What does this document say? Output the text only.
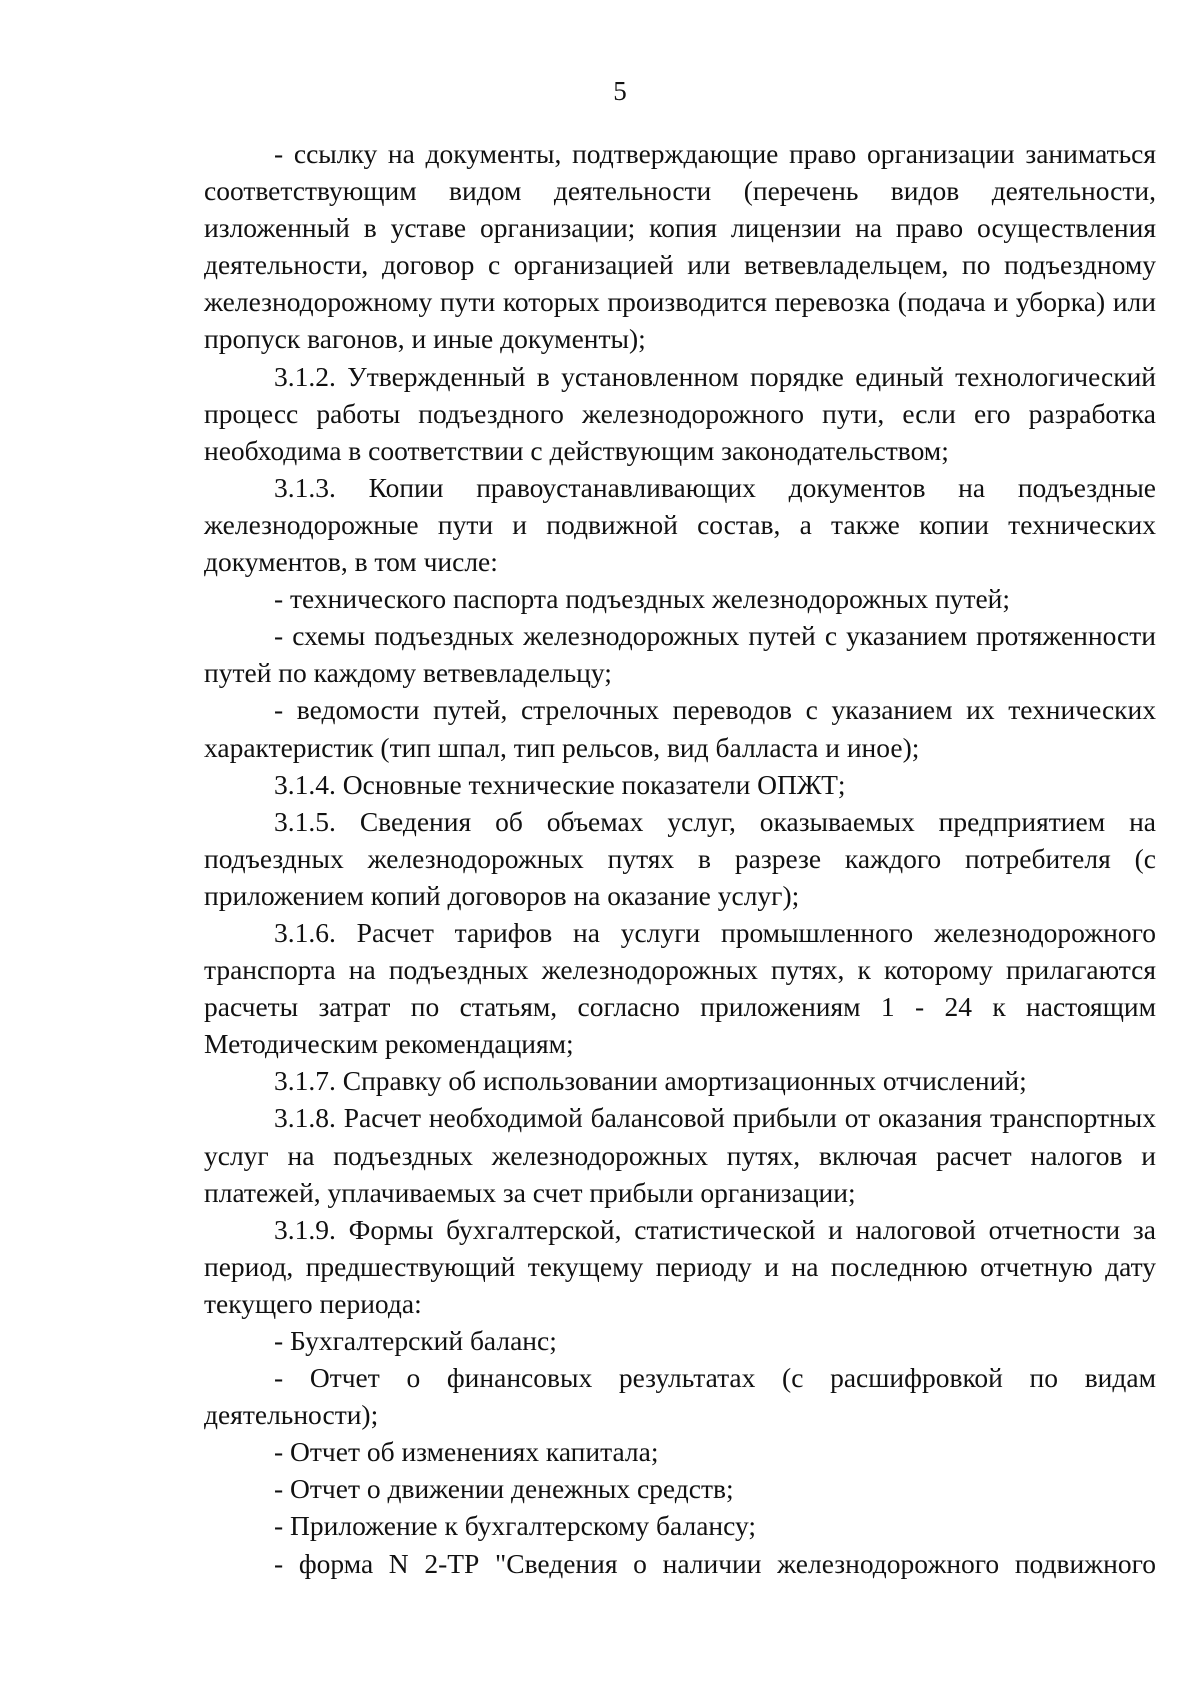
5

- ссылку на документы, подтверждающие право организации заниматься соответствующим видом деятельности (перечень видов деятельности, изложенный в уставе организации; копия лицензии на право осуществления деятельности, договор с организацией или ветвевладельцем, по подъездному железнодорожному пути которых производится перевозка (подача и уборка) или пропуск вагонов, и иные документы);

3.1.2. Утвержденный в установленном порядке единый технологический процесс работы подъездного железнодорожного пути, если его разработка необходима в соответствии с действующим законодательством;

3.1.3. Копии правоустанавливающих документов на подъездные железнодорожные пути и подвижной состав, а также копии технических документов, в том числе:

- технического паспорта подъездных железнодорожных путей;

- схемы подъездных железнодорожных путей с указанием протяженности путей по каждому ветвевладельцу;

- ведомости путей, стрелочных переводов с указанием их технических характеристик (тип шпал, тип рельсов, вид балласта и иное);

3.1.4. Основные технические показатели ОПЖТ;

3.1.5. Сведения об объемах услуг, оказываемых предприятием на подъездных железнодорожных путях в разрезе каждого потребителя (с приложением копий договоров на оказание услуг);

3.1.6. Расчет тарифов на услуги промышленного железнодорожного транспорта на подъездных железнодорожных путях, к которому прилагаются расчеты затрат по статьям, согласно приложениям 1 - 24 к настоящим Методическим рекомендациям;

3.1.7. Справку об использовании амортизационных отчислений;

3.1.8. Расчет необходимой балансовой прибыли от оказания транспортных услуг на подъездных железнодорожных путях, включая расчет налогов и платежей, уплачиваемых за счет прибыли организации;

3.1.9. Формы бухгалтерской, статистической и налоговой отчетности за период, предшествующий текущему периоду и на последнюю отчетную дату текущего периода:

- Бухгалтерский баланс;

- Отчет о финансовых результатах (с расшифровкой по видам деятельности);

- Отчет об изменениях капитала;

- Отчет о движении денежных средств;

- Приложение к бухгалтерскому балансу;

- форма N 2-ТР "Сведения о наличии железнодорожного подвижного
